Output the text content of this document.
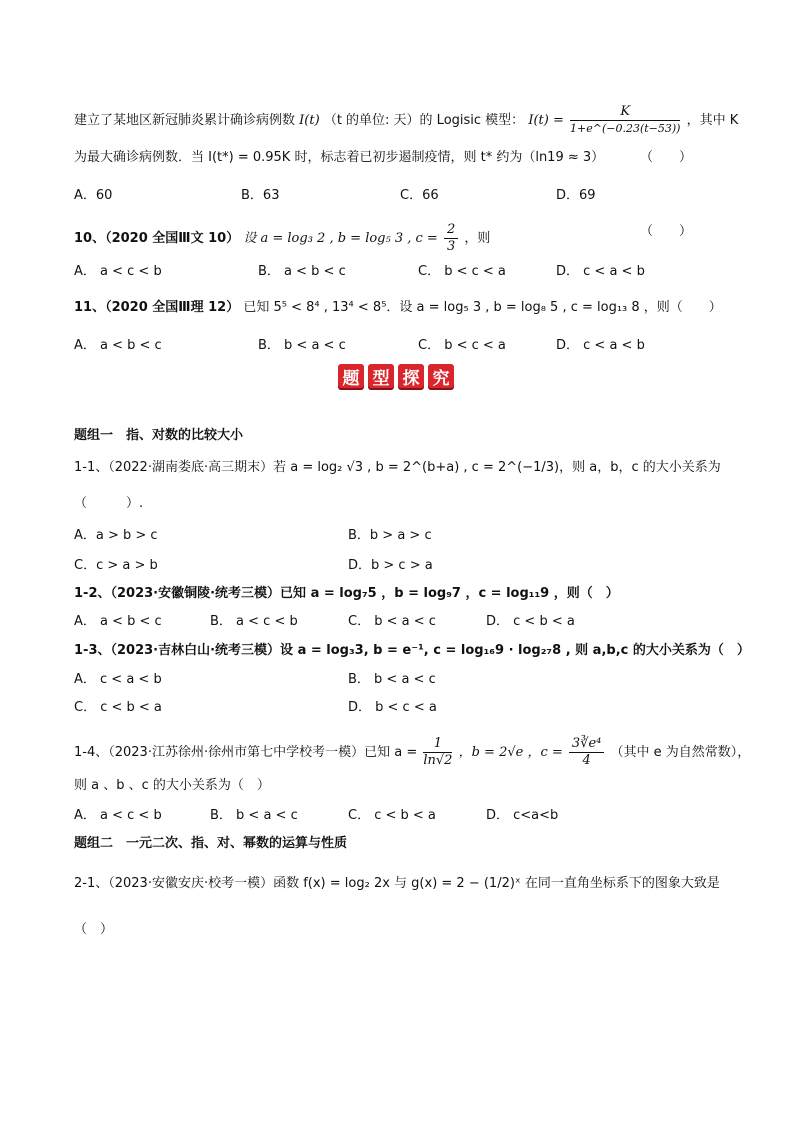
建立了某地区新冠肺炎累计确诊病例数 I(t) （t 的单位: 天）的 Logisic 模型： $I(t) = \frac{K}{1+e\^{}(-0.23(t-53))}$ ，其中 K
为最大确诊病例数．当 I(t*) = 0.95K 时，标志着已初步遏制疫情，则 t* 约为（ln19 ≈ 3）	（　　）
A．60	B．63	C．66	D．69
10、（2020 全国Ⅲ文 10） 设 a = log₃ 2 , b = log₅ 3 , $c = \frac{2}{3}$ ，则	（　　）
A． a < c < b	B． a < b < c	C． b < c < a	D． c < a < b
11、（2020 全国Ⅲ理 12） 已知 5⁵ < 8⁴ , 13⁴ < 8⁵．设 a = log₅ 3 , b = log₈ 5 , c = log₁₃ 8 ，则（　　）
A． a < b < c	B． b < a < c	C． b < c < a	D． c < a < b
题 型 探 究
题组一　指、对数的比较大小
1-1、（2022·湖南娄底·高三期末）若 a = log₂ √3 , b = 2^(b+a) , c = 2^(−1/3)，则 a，b，c 的大小关系为
（　　　）.
A．a > b > c	B．b > a > c
C．c > a > b	D．b > c > a
1-2、（2023·安徽铜陵·统考三模）已知 a = log₇5 ，b = log₉7 ，c = log₁₁9 ，则（　）
A． a < b < c	B． a < c < b	C． b < a < c	D． c < b < a
1-3、（2023·吉林白山·统考三模）设 a = log₃3, b = e⁻¹, c = log₁₆9 · log₂₇8 , 则 a,b,c 的大小关系为（　）
A． c < a < b	B． b < a < c
C． c < b < a	D． b < c < a
1-4、（2023·江苏徐州·徐州市第七中学校考一模）已知 $a = \frac{1}{\ln√2}$ ，b = 2√e ，$c = \frac{\text{3∛e⁴}}{4}$ （其中 e 为自然常数），
则 a 、b 、c 的大小关系为（　）
A． a < c < b	B． b < a < c	C． c < b < a	D． c<a<b
题组二　一元二次、指、对、幂数的运算与性质
2-1、（2023·安徽安庆·校考一模）函数 f(x) = log₂ 2x 与 g(x) = 2 − (1/2)ˣ 在同一直角坐标系下的图象大致是
（　）
